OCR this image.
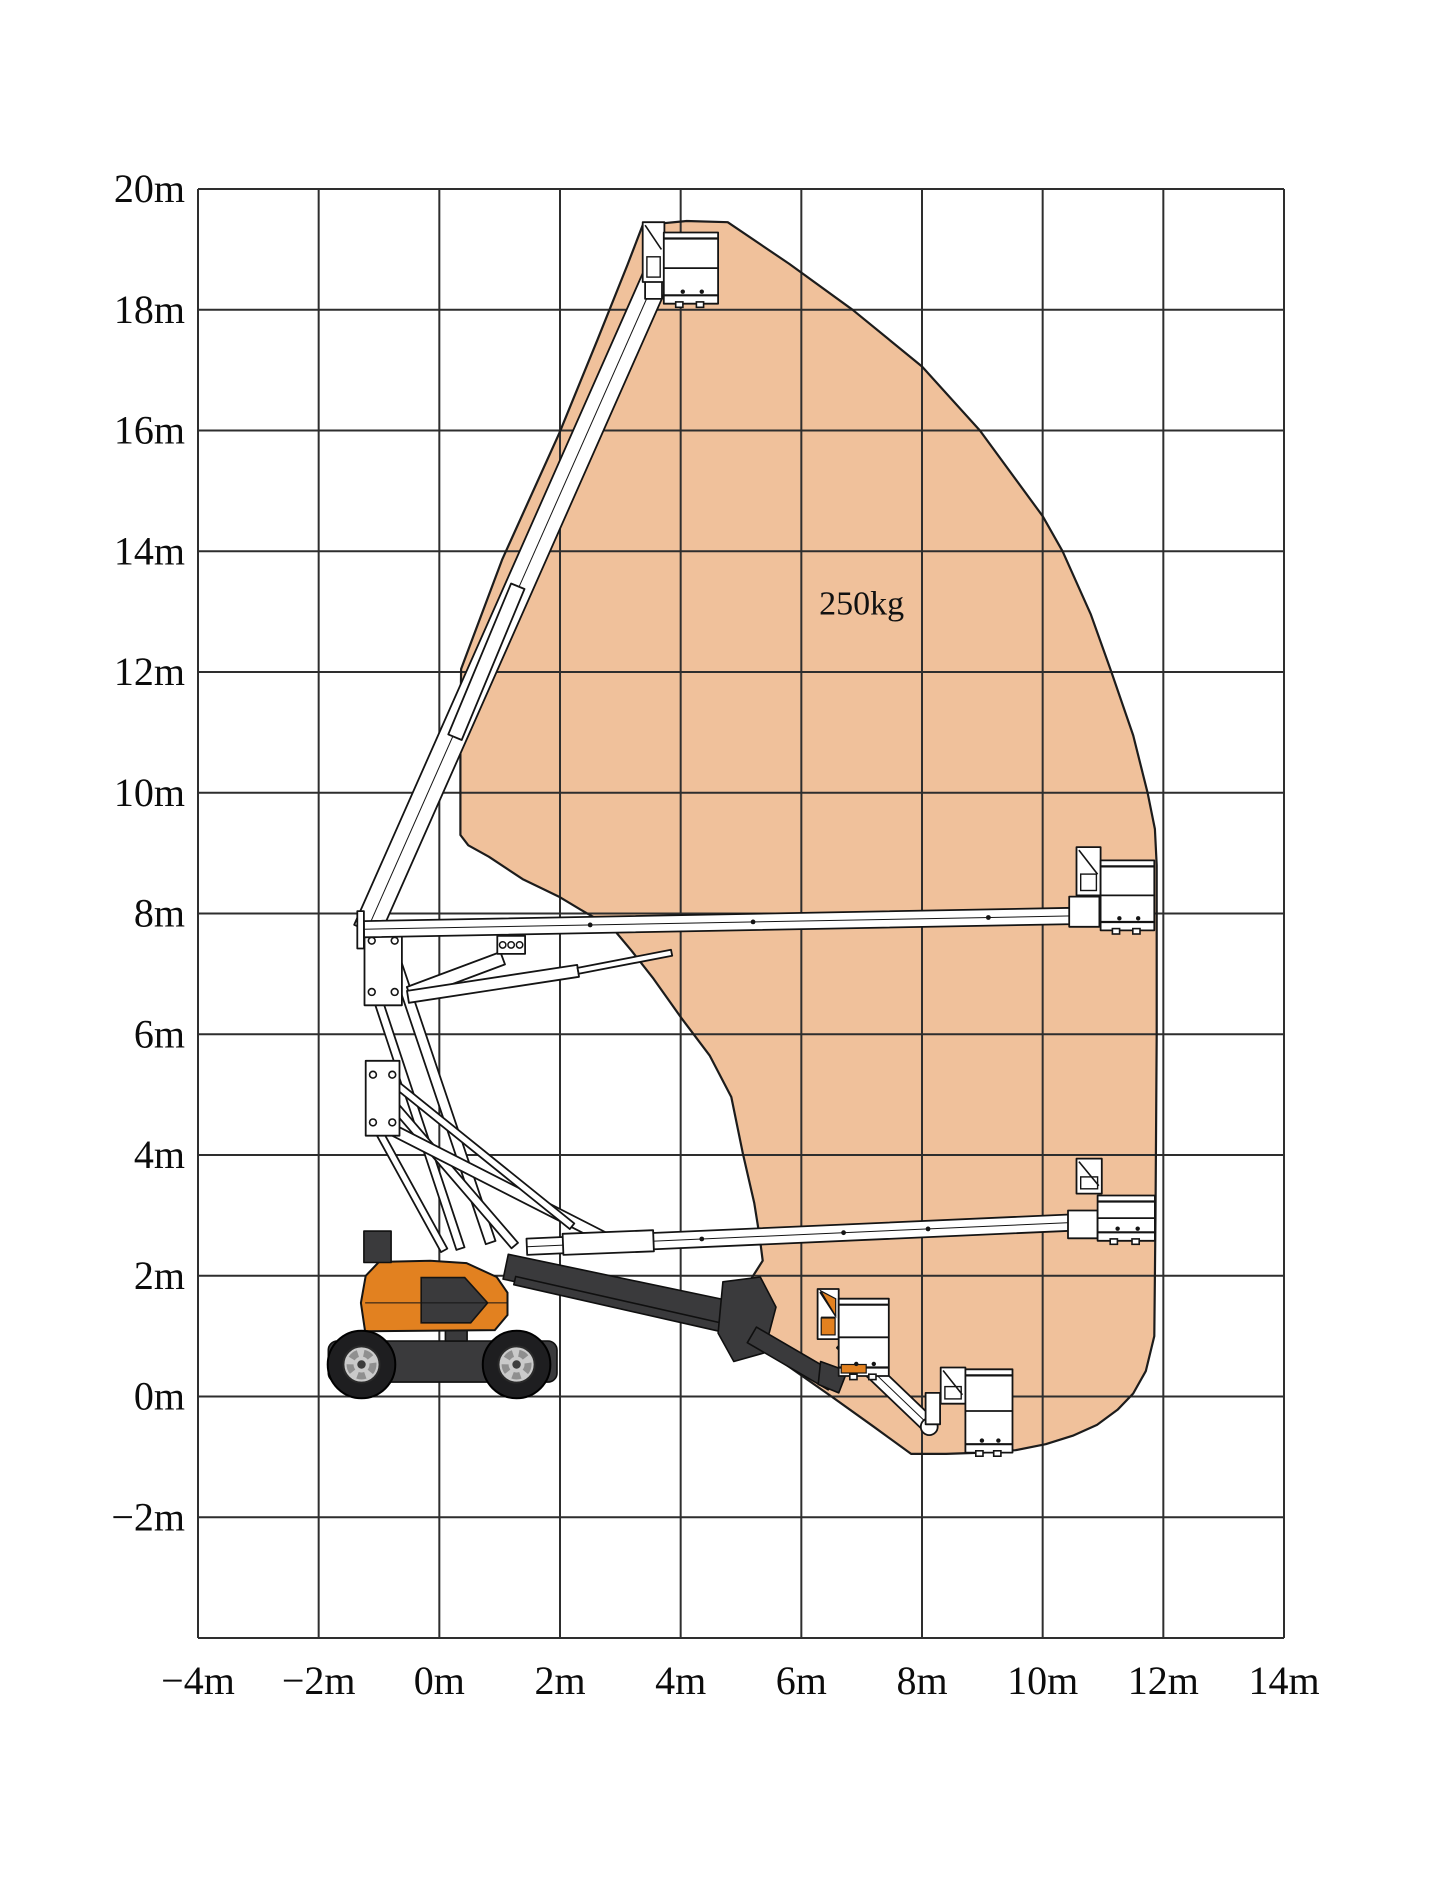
250kg
20m
18m
16m
14m
12m
10m
8m
6m
4m
2m
0m
−2m
−4m −2m 0m 2m 4m 6m 8m 10m 12m 14m
